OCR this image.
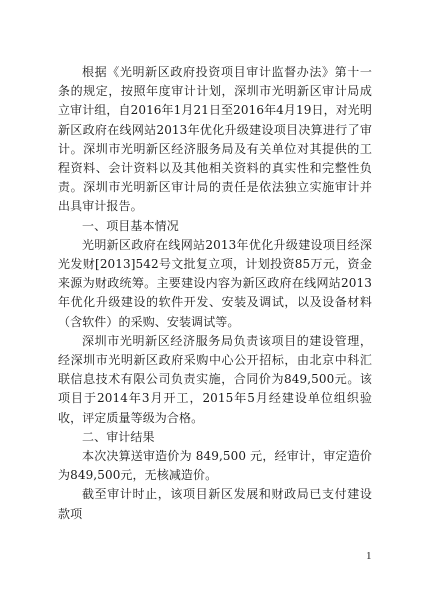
根据《光明新区政府投资项目审计监督办法》第十一条的规定，按照年度审计计划，深圳市光明新区审计局成立审计组，自2016年1月21日至2016年4月19日，对光明新区政府在线网站2013年优化升级建设项目决算进行了审计。深圳市光明新区经济服务局及有关单位对其提供的工程资料、会计资料以及其他相关资料的真实性和完整性负责。深圳市光明新区审计局的责任是依法独立实施审计并出具审计报告。

一、项目基本情况

光明新区政府在线网站2013年优化升级建设项目经深光发财[2013]542号文批复立项，计划投资85万元，资金来源为财政统筹。主要建设内容为新区政府在线网站2013年优化升级建设的软件开发、安装及调试，以及设备材料（含软件）的采购、安装调试等。

深圳市光明新区经济服务局负责该项目的建设管理，经深圳市光明新区政府采购中心公开招标，由北京中科汇联信息技术有限公司负责实施，合同价为849,500元。该项目于2014年3月开工，2015年5月经建设单位组织验收，评定质量等级为合格。

二、审计结果

本次决算送审造价为 849,500 元，经审计，审定造价为849,500元，无核减造价。

截至审计时止，该项目新区发展和财政局已支付建设款项

1
